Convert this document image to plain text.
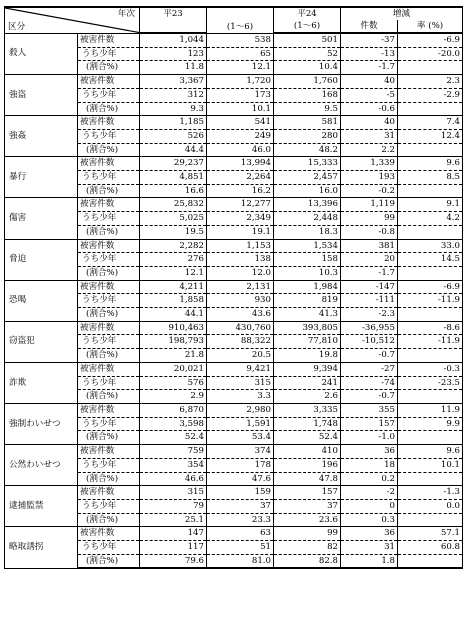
年次
区分		平23	(1〜6)	平24	増減	
				(1〜6)	件数	率 (%)
殺人	被害件数	1,044	538	501	-37	-6.9
	うち少年	123	65	52	-13	-20.0
	(割合%)	11.8	12.1	10.4	-1.7	
強盗	被害件数	3,367	1,720	1,760	40	2.3
	うち少年	312	173	168	-5	-2.9
	(割合%)	9.3	10.1	9.5	-0.6	
強姦	被害件数	1,185	541	581	40	7.4
	うち少年	526	249	280	31	12.4
	(割合%)	44.4	46.0	48.2	2.2	
暴行	被害件数	29,237	13,994	15,333	1,339	9.6
	うち少年	4,851	2,264	2,457	193	8.5
	(割合%)	16.6	16.2	16.0	-0.2	
傷害	被害件数	25,832	12,277	13,396	1,119	9.1
	うち少年	5,025	2,349	2,448	99	4.2
	(割合%)	19.5	19.1	18.3	-0.8	
脅迫	被害件数	2,282	1,153	1,534	381	33.0
	うち少年	276	138	158	20	14.5
	(割合%)	12.1	12.0	10.3	-1.7	
恐喝	被害件数	4,211	2,131	1,984	-147	-6.9
	うち少年	1,858	930	819	-111	-11.9
	(割合%)	44.1	43.6	41.3	-2.3	
窃盗犯	被害件数	910,463	430,760	393,805	-36,955	-8.6
	うち少年	198,793	88,322	77,810	-10,512	-11.9
	(割合%)	21.8	20.5	19.8	-0.7	
詐欺	被害件数	20,021	9,421	9,394	-27	-0.3
	うち少年	576	315	241	-74	-23.5
	(割合%)	2.9	3.3	2.6	-0.7	
強制わいせつ	被害件数	6,870	2,980	3,335	355	11.9
	うち少年	3,598	1,591	1,748	157	9.9
	(割合%)	52.4	53.4	52.4	-1.0	
公然わいせつ	被害件数	759	374	410	36	9.6
	うち少年	354	178	196	18	10.1
	(割合%)	46.6	47.6	47.8	0.2	
逮捕監禁	被害件数	315	159	157	-2	-1.3
	うち少年	79	37	37	0	0.0
	(割合%)	25.1	23.3	23.6	0.3	
略取誘拐	被害件数	147	63	99	36	57.1
	うち少年	117	51	82	31	60.8
	(割合%)	79.6	81.0	82.8	1.8	
